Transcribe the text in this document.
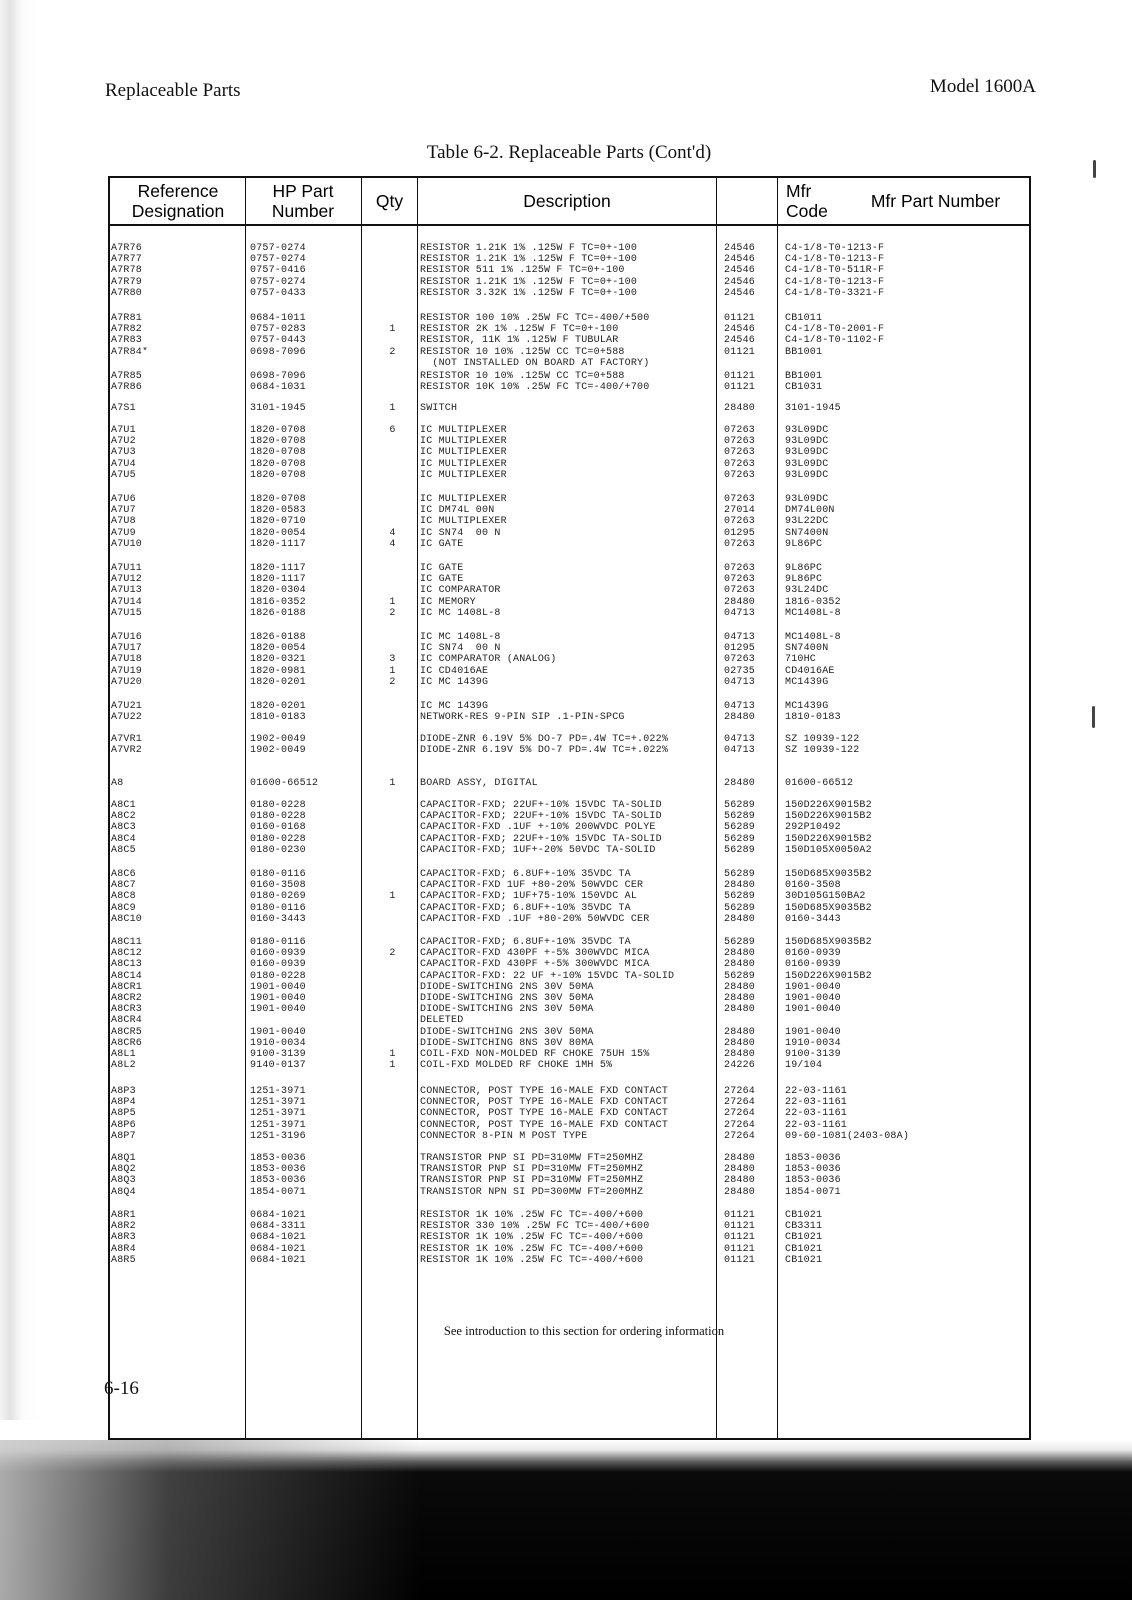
Replaceable Parts	Model 1600A
Table 6-2. Replaceable Parts (Cont'd)
Reference Designation
HP Part Number	Qty	Description	Mfr Code	Mfr Part Number
A7R76	0757-0274	RESISTOR 1.21K 1% .125W F TC=0+-100	24546	C4-1/8-T0-1213-F
A7R77	0757-0274	RESISTOR 1.21K 1% .125W F TC=0+-100	24546	C4-1/8-T0-1213-F
A7R78	0757-0416	RESISTOR 511 1% .125W F TC=0+-100	24546	C4-1/8-T0-511R-F
A7R79	0757-0274	RESISTOR 1.21K 1% .125W F TC=0+-100	24546	C4-1/8-T0-1213-F
A7R80	0757-0433	RESISTOR 3.32K 1% .125W F TC=0+-100	24546	C4-1/8-T0-3321-F
A7R81	0684-1011	RESISTOR 100 10% .25W FC TC=-400/+500	01121	CB1011
A7R82	0757-0283	1	RESISTOR 2K 1% .125W F TC=0+-100	24546	C4-1/8-T0-2001-F
A7R83	0757-0443	RESISTOR, 11K 1% .125W F TUBULAR	24546	C4-1/8-T0-1102-F
A7R84*	0698-7096	2	RESISTOR 10 10% .125W CC TC=0+588	01121	BB1001
(NOT INSTALLED ON BOARD AT FACTORY)
A7R85	0698-7096	RESISTOR 10 10% .125W CC TC=0+588	01121	BB1001
A7R86	0684-1031	RESISTOR 10K 10% .25W FC TC=-400/+700	01121	CB1031
A7S1	3101-1945	1	SWITCH	28480	3101-1945
A7U1	1820-0708	6	IC MULTIPLEXER	07263	93L09DC
A7U2	1820-0708	IC MULTIPLEXER	07263	93L09DC
A7U3	1820-0708	IC MULTIPLEXER	07263	93L09DC
A7U4	1820-0708	IC MULTIPLEXER	07263	93L09DC
A7U5	1820-0708	IC MULTIPLEXER	07263	93L09DC
A7U6	1820-0708	IC MULTIPLEXER	07263	93L09DC
A7U7	1820-0583	IC DM74L 00N	27014	DM74L00N
A7U8	1820-0710	IC MULTIPLEXER	07263	93L22DC
A7U9	1820-0054	4	IC SN74  00 N	01295	SN7400N
A7U10	1820-1117	4	IC GATE	07263	9L86PC
A7U11	1820-1117	IC GATE	07263	9L86PC
A7U12	1820-1117	IC GATE	07263	9L86PC
A7U13	1820-0304	IC COMPARATOR	07263	93L24DC
A7U14	1816-0352	1	IC MEMORY	28480	1816-0352
A7U15	1826-0188	2	IC MC 1408L-8	04713	MC1408L-8
A7U16	1826-0188	IC MC 1408L-8	04713	MC1408L-8
A7U17	1820-0054	IC SN74  00 N	01295	SN7400N
A7U18	1820-0321	3	IC COMPARATOR (ANALOG)	07263	710HC
A7U19	1820-0981	1	IC CD4016AE	02735	CD4016AE
A7U20	1820-0201	2	IC MC 1439G	04713	MC1439G
A7U21	1820-0201	IC MC 1439G	04713	MC1439G
A7U22	1810-0183	NETWORK-RES 9-PIN SIP .1-PIN-SPCG	28480	1810-0183
A7VR1	1902-0049	DIODE-ZNR 6.19V 5% DO-7 PD=.4W TC=+.022%	04713	SZ 10939-122
A7VR2	1902-0049	DIODE-ZNR 6.19V 5% DO-7 PD=.4W TC=+.022%	04713	SZ 10939-122
A8	01600-66512	1	BOARD ASSY, DIGITAL	28480	01600-66512
A8C1	0180-0228	CAPACITOR-FXD; 22UF+-10% 15VDC TA-SOLID	56289	150D226X9015B2
A8C2	0180-0228	CAPACITOR-FXD; 22UF+-10% 15VDC TA-SOLID	56289	150D226X9015B2
A8C3	0160-0168	CAPACITOR-FXD .1UF +-10% 200WVDC POLYE	56289	292P10492
A8C4	0180-0228	CAPACITOR-FXD; 22UF+-10% 15VDC TA-SOLID	56289	150D226X9015B2
A8C5	0180-0230	CAPACITOR-FXD; 1UF+-20% 50VDC TA-SOLID	56289	150D105X0050A2
A8C6	0180-0116	CAPACITOR-FXD; 6.8UF+-10% 35VDC TA	56289	150D685X9035B2
A8C7	0160-3508	CAPACITOR-FXD 1UF +80-20% 50WVDC CER	28480	0160-3508
A8C8	0180-0269	1	CAPACITOR-FXD; 1UF+75-10% 150VDC AL	56289	30D105G150BA2
A8C9	0180-0116	CAPACITOR-FXD; 6.8UF+-10% 35VDC TA	56289	150D685X9035B2
A8C10	0160-3443	CAPACITOR-FXD .1UF +80-20% 50WVDC CER	28480	0160-3443
A8C11	0180-0116	CAPACITOR-FXD; 6.8UF+-10% 35VDC TA	56289	150D685X9035B2
A8C12	0160-0939	2	CAPACITOR-FXD 430PF +-5% 300WVDC MICA	28480	0160-0939
A8C13	0160-0939	CAPACITOR-FXD 430PF +-5% 300WVDC MICA	28480	0160-0939
A8C14	0180-0228	CAPACITOR-FXD: 22 UF +-10% 15VDC TA-SOLID	56289	150D226X9015B2
A8CR1	1901-0040	DIODE-SWITCHING 2NS 30V 50MA	28480	1901-0040
A8CR2	1901-0040	DIODE-SWITCHING 2NS 30V 50MA	28480	1901-0040
A8CR3	1901-0040	DIODE-SWITCHING 2NS 30V 50MA	28480	1901-0040
A8CR4	DELETED
A8CR5	1901-0040	DIODE-SWITCHING 2NS 30V 50MA	28480	1901-0040
A8CR6	1910-0034	DIODE-SWITCHING 8NS 30V 80MA	28480	1910-0034
A8L1	9100-3139	1	COIL-FXD NON-MOLDED RF CHOKE 75UH 15%	28480	9100-3139
A8L2	9140-0137	1	COIL-FXD MOLDED RF CHOKE 1MH 5%	24226	19/104
A8P3	1251-3971	CONNECTOR, POST TYPE 16-MALE FXD CONTACT	27264	22-03-1161
A8P4	1251-3971	CONNECTOR, POST TYPE 16-MALE FXD CONTACT	27264	22-03-1161
A8P5	1251-3971	CONNECTOR, POST TYPE 16-MALE FXD CONTACT	27264	22-03-1161
A8P6	1251-3971	CONNECTOR, POST TYPE 16-MALE FXD CONTACT	27264	22-03-1161
A8P7	1251-3196	CONNECTOR 8-PIN M POST TYPE	27264	09-60-1081(2403-08A)
A8Q1	1853-0036	TRANSISTOR PNP SI PD=310MW FT=250MHZ	28480	1853-0036
A8Q2	1853-0036	TRANSISTOR PNP SI PD=310MW FT=250MHZ	28480	1853-0036
A8Q3	1853-0036	TRANSISTOR PNP SI PD=310MW FT=250MHZ	28480	1853-0036
A8Q4	1854-0071	TRANSISTOR NPN SI PD=300MW FT=200MHZ	28480	1854-0071
A8R1	0684-1021	RESISTOR 1K 10% .25W FC TC=-400/+600	01121	CB1021
A8R2	0684-3311	RESISTOR 330 10% .25W FC TC=-400/+600	01121	CB3311
A8R3	0684-1021	RESISTOR 1K 10% .25W FC TC=-400/+600	01121	CB1021
A8R4	0684-1021	RESISTOR 1K 10% .25W FC TC=-400/+600	01121	CB1021
A8R5	0684-1021	RESISTOR 1K 10% .25W FC TC=-400/+600	01121	CB1021
See introduction to this section for ordering information
6-16
